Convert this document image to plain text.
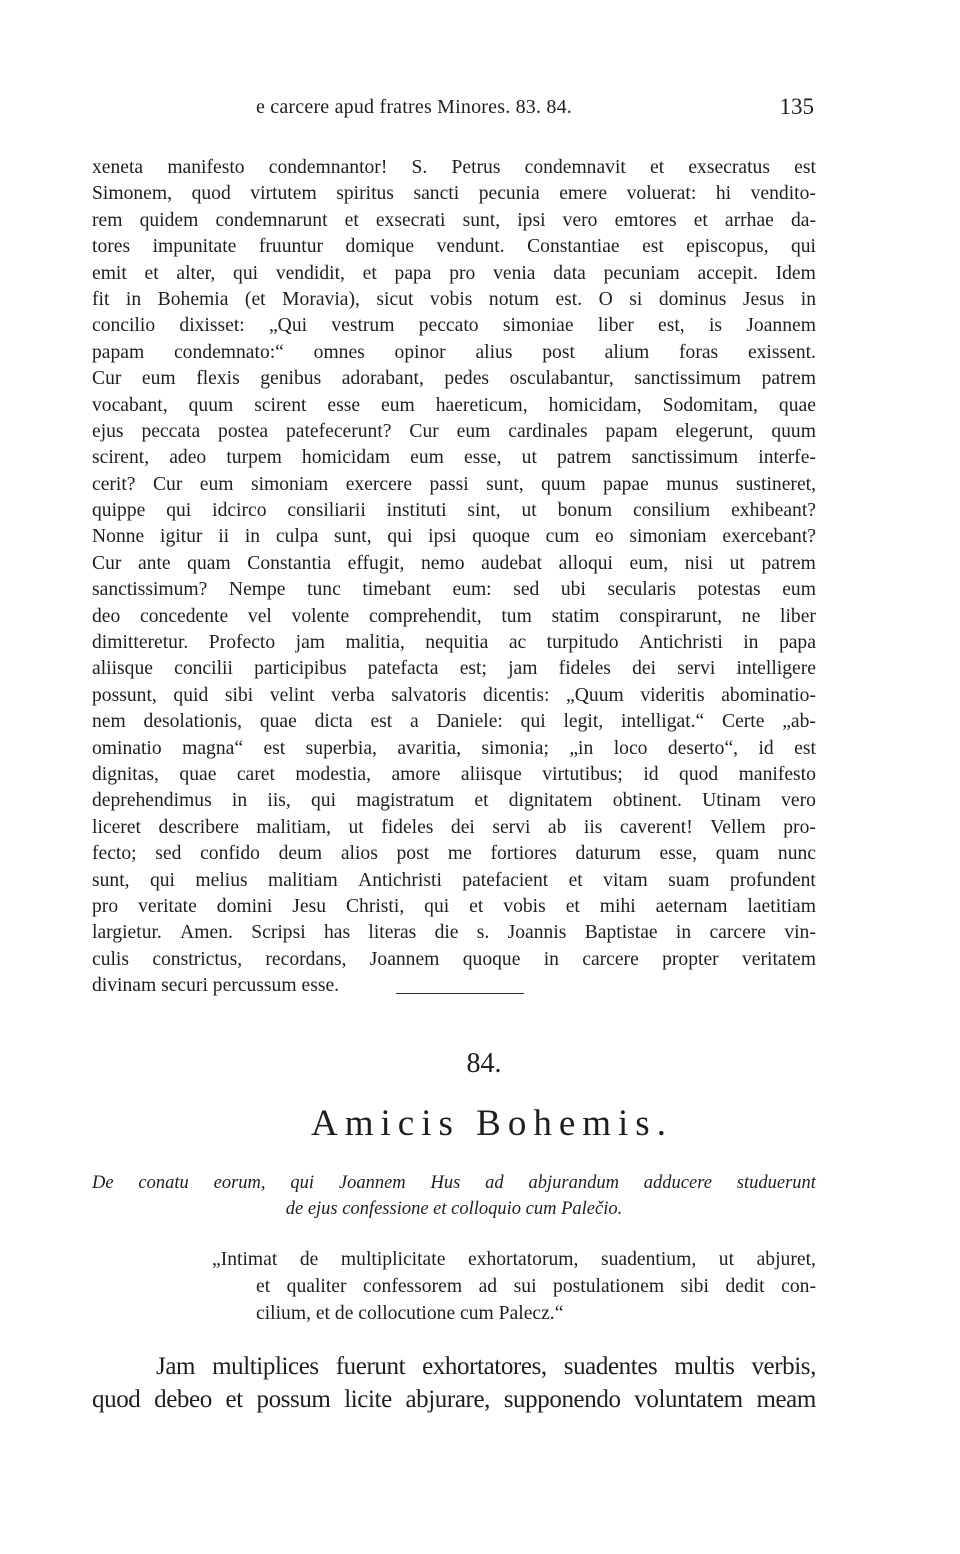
e carcere apud fratres Minores. 83. 84.	135
xeneta manifesto condemnantor! S. Petrus condemnavit et exsecratus est
Simonem, quod virtutem spiritus sancti pecunia emere voluerat: hi vendito-
rem quidem condemnarunt et exsecrati sunt, ipsi vero emtores et arrhae da-
tores impunitate fruuntur domique vendunt. Constantiae est episcopus, qui
emit et alter, qui vendidit, et papa pro venia data pecuniam accepit. Idem
fit in Bohemia (et Moravia), sicut vobis notum est. O si dominus Jesus in
concilio dixisset: „Qui vestrum peccato simoniae liber est, is Joannem
papam condemnato:“ omnes opinor alius post alium foras exissent.
Cur eum flexis genibus adorabant, pedes osculabantur, sanctissimum patrem
vocabant, quum scirent esse eum haereticum, homicidam, Sodomitam, quae
ejus peccata postea patefecerunt? Cur eum cardinales papam elegerunt, quum
scirent, adeo turpem homicidam eum esse, ut patrem sanctissimum interfe-
cerit? Cur eum simoniam exercere passi sunt, quum papae munus sustineret,
quippe qui idcirco consiliarii instituti sint, ut bonum consilium exhibeant?
Nonne igitur ii in culpa sunt, qui ipsi quoque cum eo simoniam exercebant?
Cur ante quam Constantia effugit, nemo audebat alloqui eum, nisi ut patrem
sanctissimum? Nempe tunc timebant eum: sed ubi secularis potestas eum
deo concedente vel volente comprehendit, tum statim conspirarunt, ne liber
dimitteretur. Profecto jam malitia, nequitia ac turpitudo Antichristi in papa
aliisque concilii participibus patefacta est; jam fideles dei servi intelligere
possunt, quid sibi velint verba salvatoris dicentis: „Quum videritis abominatio-
nem desolationis, quae dicta est a Daniele: qui legit, intelligat.“ Certe „ab-
ominatio magna“ est superbia, avaritia, simonia; „in loco deserto“, id est
dignitas, quae caret modestia, amore aliisque virtutibus; id quod manifesto
deprehendimus in iis, qui magistratum et dignitatem obtinent. Utinam vero
liceret describere malitiam, ut fideles dei servi ab iis caverent! Vellem pro-
fecto; sed confido deum alios post me fortiores daturum esse, quam nunc
sunt, qui melius malitiam Antichristi patefacient et vitam suam profundent
pro veritate domini Jesu Christi, qui et vobis et mihi aeternam laetitiam
largietur. Amen. Scripsi has literas die s. Joannis Baptistae in carcere vin-
culis constrictus, recordans, Joannem quoque in carcere propter veritatem
divinam securi percussum esse.
84.
Amicis Bohemis.
De conatu eorum, qui Joannem Hus ad abjurandum adducere studuerunt
de ejus confessione et colloquio cum Palečio.
„Intimat de multiplicitate exhortatorum, suadentium, ut abjuret,
et qualiter confessorem ad sui postulationem sibi dedit con-
cilium, et de collocutione cum Palecz.“
Jam multiplices fuerunt exhortatores, suadentes multis verbis,
quod debeo et possum licite abjurare, supponendo voluntatem meam
